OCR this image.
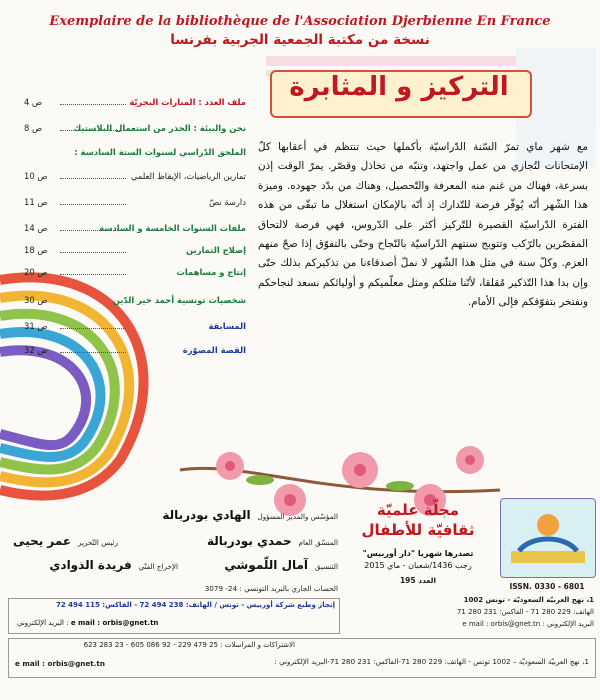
Exemplaire de la bibliothèque de l'Association Djerbienne En France
نسخة من مكتبة الجمعية الجربية بفرنسا
ملف العدد : المنارات البحريّة
ص 4
نحن والبيئة : الحذر من استعمال البلاستيك
ص 8
الملحق الدّراسي لسنوات الستة السادسة :
تمارين الرياضيات، الإيقاظ العلمي
ص 10
دارسة نصّ
ص 11
ملفات السنوات الخامسة و السادسة
ص 14
إصلاح التمارين
ص 18
إنتاج و مساهمات
ص 20
شخصيات تونسية أحمد خير الدّين
ص 30
المسابقة
ص 31
القصة المصوّرة
ص 32
التركيز و المثابرة
مع شهر ماي تمرّ السّنة الدّراسيّة بأكملها حيث تنتظم في أعقابها كلّ الإمتحانات لتُجازي من عمل واجتهد، وتنبّه من تخاذل وقصّر. يمرّ الوقت إذن بسرعة، فهناك من غنم منه المعرفة والتّحصيل، وهناك من بدّد جهوده. وميزة هذا الشّهر أنّه يُوفّر فرصة للتّدارك إذ أنّه بالإمكان استغلال ما تبقّى من هذه الفترة الدّراسيّة القصيرة للتّركيز أكثر على الدّروس، فهي فرصة لالتحاق المقصّرين بالرّكب وتتويج سنتهم الدّراسيّة بالنّجاح وحتّى بالتفوّق إذا صحّ منهم العزم. وكلّ سنة في مثل هذا الشّهر لا نملّ أصدقاءنا من تذكيركم بذلك حتّى وإن بدا هذا التّذكير مُقلقا، لأنّنا مثلكم ومثل معلّميكم و أوليائكم نسعد لنجاحكم ونفتخر بتفوّقكم فإلى الأمام.
ISSN. 0330 - 6801
مجلّة علميّة
ثقافيّة للأطفال
تصدرها شهريا "دار أوربيس"
رجب 1436/شعبان - ماي 2015
العدد 195
1، نهج العربيّة السعوديّة - تونس 1002
الهاتف: 229 280 71 - الفاكس: 231 280 71
البريد الإلكتروني : e mail : orbis@gnet.tn
المؤسّس والمدير المسؤول   الهادي بودربالة
المنسّق العام   حمدي بودربالة
رئيس التّحرير   عمر يحيى
التنسيق   آمال اللّموشي
الإخراج الفنّي   فريدة الذوادي
الحساب الجاري بالبريد التونسي : 24- 3079
إنجاز وطبع شركة أوربيس - تونس / الهاتف: 238 494 72 - الفاكس: 115 494 72
البريد الإلكتروني : e mail : orbis@gnet.tn
الاشتراكات و المراسلات : 25 479 229 - 92 086 605 - 23 283 623
1، نهج العربيّة السعوديّة – 1002 تونس - الهاتف: 229 280 71-الفاكس: 231 280 71-البريد الإلكتروني :
e mail : orbis@gnet.tn
